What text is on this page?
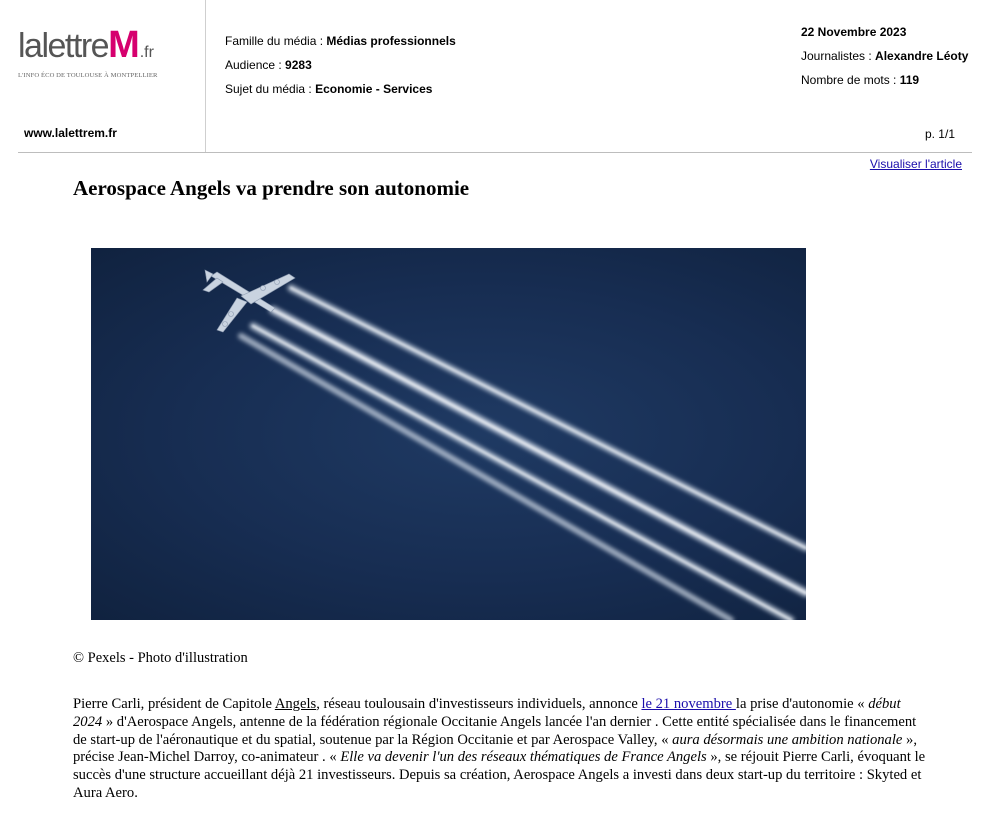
lalettreM.fr
L'INFO ÉCO DE TOULOUSE À MONTPELLIER
www.lalettrem.fr
Famille du média : Médias professionnels
Audience : 9283
Sujet du média : Economie - Services
22 Novembre 2023
Journalistes : Alexandre Léoty
Nombre de mots : 119
p. 1/1
Visualiser l'article
Aerospace Angels va prendre son autonomie
© Pexels - Photo d'illustration

Pierre Carli, président de Capitole Angels, réseau toulousain d'investisseurs individuels, annonce le 21 novembre la prise d'autonomie « début 2024 » d'Aerospace Angels, antenne de la fédération régionale Occitanie Angels lancée l'an dernier . Cette entité spécialisée dans le financement de start-up de l'aéronautique et du spatial, soutenue par la Région Occitanie et par Aerospace Valley, « aura désormais une ambition nationale », précise Jean-Michel Darroy, co-animateur . « Elle va devenir l'un des réseaux thématiques de France Angels », se réjouit Pierre Carli, évoquant le succès d'une structure accueillant déjà 21 investisseurs. Depuis sa création, Aerospace Angels a investi dans deux start-up du territoire : Skyted et Aura Aero.
